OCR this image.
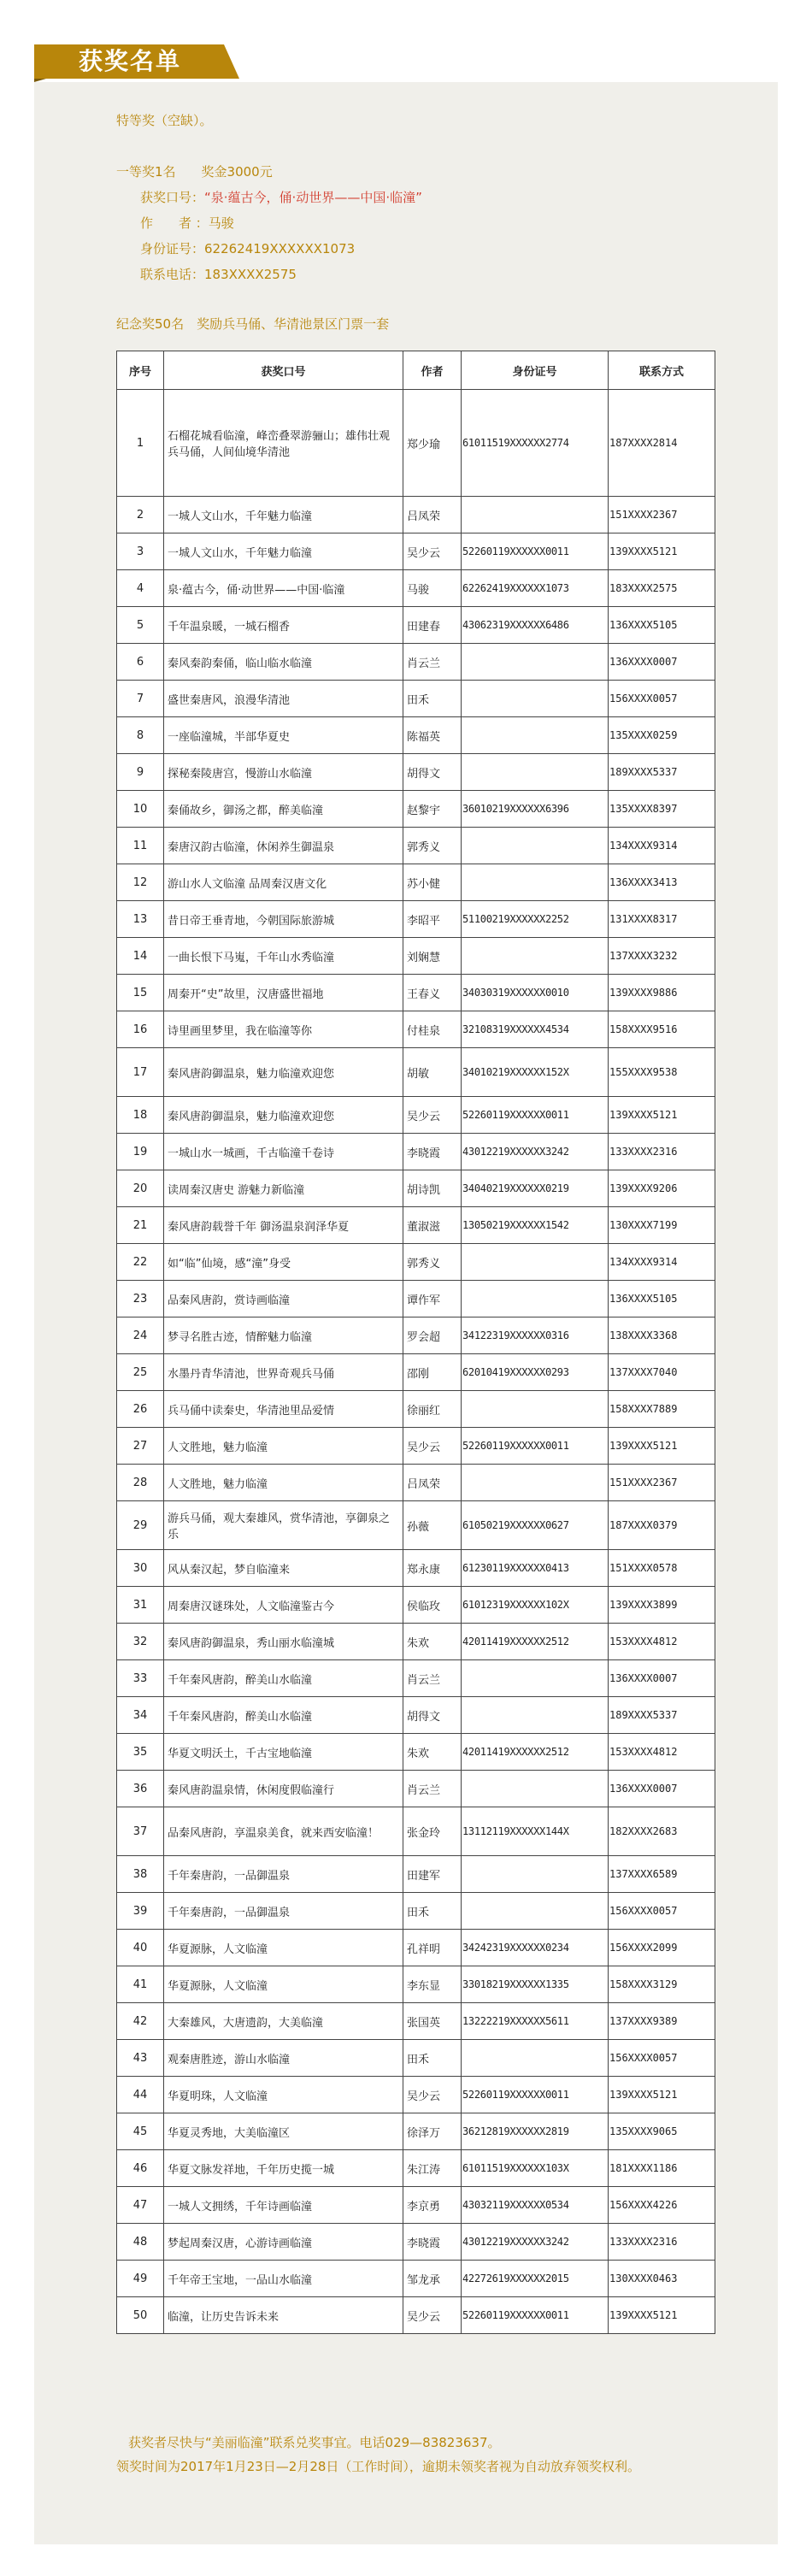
获奖名单
特等奖（空缺）。
一等奖1名　　奖金3000元
获奖口号：“泉·蕴古今，俑·动世界——中国·临潼”
作　　者 ：马骏
身份证号：62262419XXXXXX1073
联系电话：183XXXX2575
纪念奖50名　奖励兵马俑、华清池景区门票一套
序号	获奖口号	作者	身份证号	联系方式
1	石榴花城看临潼，峰峦叠翠游骊山；雄伟壮观兵马俑，人间仙境华清池	郑少瑜	61011519XXXXXX2774	187XXXX2814
2	一城人文山水，千年魅力临潼	吕凤荣		151XXXX2367
3	一城人文山水，千年魅力临潼	吴少云	52260119XXXXXX0011	139XXXX5121
4	泉·蕴古今，俑·动世界——中国·临潼	马骏	62262419XXXXXX1073	183XXXX2575
5	千年温泉暖，一城石榴香	田建春	43062319XXXXXX6486	136XXXX5105
6	秦风秦韵秦俑，临山临水临潼	肖云兰		136XXXX0007
7	盛世秦唐风，浪漫华清池	田禾		156XXXX0057
8	一座临潼城，半部华夏史	陈福英		135XXXX0259
9	探秘秦陵唐宫，慢游山水临潼	胡得文		189XXXX5337
10	秦俑故乡，御汤之都，醉美临潼	赵黎宇	36010219XXXXXX6396	135XXXX8397
11	秦唐汉韵古临潼，休闲养生御温泉	郭秀义		134XXXX9314
12	游山水人文临潼 品周秦汉唐文化	苏小健		136XXXX3413
13	昔日帝王垂青地，今朝国际旅游城	李昭平	51100219XXXXXX2252	131XXXX8317
14	一曲长恨下马嵬，千年山水秀临潼	刘娴慧		137XXXX3232
15	周秦开“史”故里，汉唐盛世福地	王春义	34030319XXXXXX0010	139XXXX9886
16	诗里画里梦里，我在临潼等你	付桂泉	32108319XXXXXX4534	158XXXX9516
17	秦风唐韵御温泉，魅力临潼欢迎您	胡敏	34010219XXXXXX152X	155XXXX9538
18	秦风唐韵御温泉，魅力临潼欢迎您	吴少云	52260119XXXXXX0011	139XXXX5121
19	一城山水一城画，千古临潼千卷诗	李晓霞	43012219XXXXXX3242	133XXXX2316
20	读周秦汉唐史 游魅力新临潼	胡诗凯	34040219XXXXXX0219	139XXXX9206
21	秦风唐韵载誉千年 御汤温泉润泽华夏	董淑滋	13050219XXXXXX1542	130XXXX7199
22	如“临”仙境，感“潼”身受	郭秀义		134XXXX9314
23	品秦风唐韵，赏诗画临潼	谭作军		136XXXX5105
24	梦寻名胜古迹，情醉魅力临潼	罗会超	34122319XXXXXX0316	138XXXX3368
25	水墨丹青华清池，世界奇观兵马俑	邵刚	62010419XXXXXX0293	137XXXX7040
26	兵马俑中读秦史，华清池里品爱情	徐丽红		158XXXX7889
27	人文胜地，魅力临潼	吴少云	52260119XXXXXX0011	139XXXX5121
28	人文胜地，魅力临潼	吕凤荣		151XXXX2367
29	游兵马俑，观大秦雄风，赏华清池，享御泉之乐	孙薇	61050219XXXXXX0627	187XXXX0379
30	风从秦汉起，梦自临潼来	郑永康	61230119XXXXXX0413	151XXXX0578
31	周秦唐汉谜珠处，人文临潼鉴古今	侯临玫	61012319XXXXXX102X	139XXXX3899
32	秦风唐韵御温泉，秀山丽水临潼城	朱欢	42011419XXXXXX2512	153XXXX4812
33	千年秦风唐韵，醉美山水临潼	肖云兰		136XXXX0007
34	千年秦风唐韵，醉美山水临潼	胡得文		189XXXX5337
35	华夏文明沃土，千古宝地临潼	朱欢	42011419XXXXXX2512	153XXXX4812
36	秦风唐韵温泉情，休闲度假临潼行	肖云兰		136XXXX0007
37	品秦风唐韵，享温泉美食，就来西安临潼！	张金玲	13112119XXXXXX144X	182XXXX2683
38	千年秦唐韵，一品御温泉	田建军		137XXXX6589
39	千年秦唐韵，一品御温泉	田禾		156XXXX0057
40	华夏源脉，人文临潼	孔祥明	34242319XXXXXX0234	156XXXX2099
41	华夏源脉，人文临潼	李东显	33018219XXXXXX1335	158XXXX3129
42	大秦雄风，大唐遗韵，大美临潼	张国英	13222219XXXXXX5611	137XXXX9389
43	观秦唐胜迹，游山水临潼	田禾		156XXXX0057
44	华夏明珠，人文临潼	吴少云	52260119XXXXXX0011	139XXXX5121
45	华夏灵秀地，大美临潼区	徐泽万	36212819XXXXXX2819	135XXXX9065
46	华夏文脉发祥地，千年历史揽一城	朱江涛	61011519XXXXXX103X	181XXXX1186
47	一城人文拥绣，千年诗画临潼	李京勇	43032119XXXXXX0534	156XXXX4226
48	梦起周秦汉唐，心游诗画临潼	李晓霞	43012219XXXXXX3242	133XXXX2316
49	千年帝王宝地，一品山水临潼	邹龙承	42272619XXXXXX2015	130XXXX0463
50	临潼，让历史告诉未来	吴少云	52260119XXXXXX0011	139XXXX5121
获奖者尽快与“美丽临潼”联系兑奖事宜。电话029—83823637。
领奖时间为2017年1月23日—2月28日（工作时间），逾期未领奖者视为自动放弃领奖权利。
